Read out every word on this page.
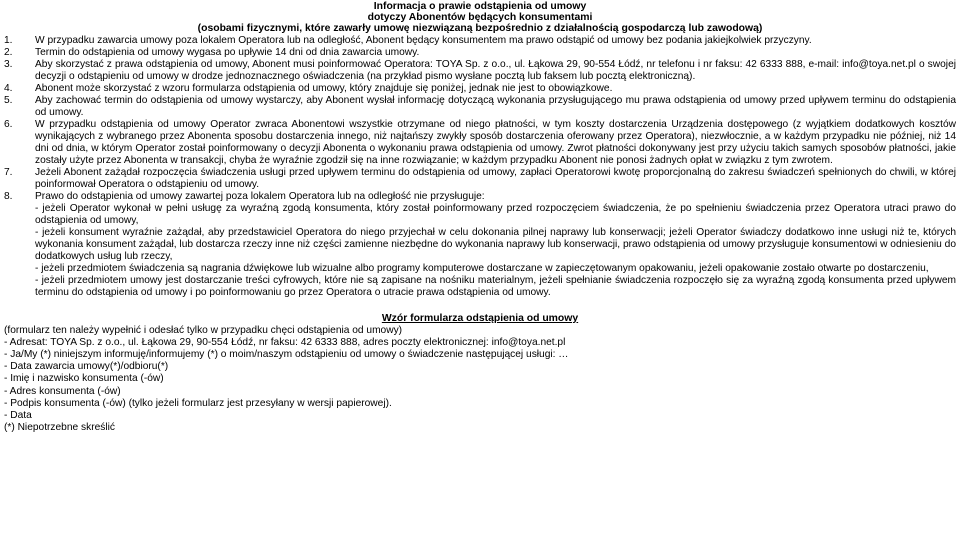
Informacja o prawie odstąpienia od umowy
dotyczy Abonentów będących konsumentami
(osobami fizycznymi, które zawarły umowę niezwiązaną bezpośrednio z działalnością gospodarczą lub zawodową)
1. W przypadku zawarcia umowy poza lokalem Operatora lub na odległość, Abonent będący konsumentem ma prawo odstąpić od umowy bez podania jakiejkolwiek przyczyny.

2. Termin do odstąpienia od umowy wygasa po upływie 14 dni od dnia zawarcia umowy.

3. Aby skorzystać z prawa odstąpienia od umowy, Abonent musi poinformować Operatora: TOYA Sp. z o.o., ul. Łąkowa 29, 90-554 Łódź, nr telefonu i nr faksu: 42 6333 888, e-mail: info@toya.net.pl o swojej decyzji o odstąpieniu od umowy w drodze jednoznacznego oświadczenia (na przykład pismo wysłane pocztą lub faksem lub pocztą elektroniczną).

4. Abonent może skorzystać z wzoru formularza odstąpienia od umowy, który znajduje się poniżej, jednak nie jest to obowiązkowe.

5. Aby zachować termin do odstąpienia od umowy wystarczy, aby Abonent wysłał informację dotyczącą wykonania przysługującego mu prawa odstąpienia od umowy przed upływem terminu do odstąpienia od umowy.

6. W przypadku odstąpienia od umowy Operator zwraca Abonentowi wszystkie otrzymane od niego płatności, w tym koszty dostarczenia Urządzenia dostępowego (z wyjątkiem dodatkowych kosztów wynikających z wybranego przez Abonenta sposobu dostarczenia innego, niż najtańszy zwykły sposób dostarczenia oferowany przez Operatora), niezwłocznie, a w każdym przypadku nie później, niż 14 dni od dnia, w którym Operator został poinformowany o decyzji Abonenta o wykonaniu prawa odstąpienia od umowy. Zwrot płatności dokonywany jest przy użyciu takich samych sposobów płatności, jakie zostały użyte przez Abonenta w transakcji, chyba że wyraźnie zgodził się na inne rozwiązanie; w każdym przypadku Abonent nie ponosi żadnych opłat w związku z tym zwrotem.

7. Jeżeli Abonent zażądał rozpoczęcia świadczenia usługi przed upływem terminu do odstąpienia od umowy, zapłaci Operatorowi kwotę proporcjonalną do zakresu świadczeń spełnionych do chwili, w której poinformował Operatora o odstąpieniu od umowy.

8. Prawo do odstąpienia od umowy zawartej poza lokalem Operatora lub na odległość nie przysługuje:

- jeżeli Operator wykonał w pełni usługę za wyraźną zgodą konsumenta, który został poinformowany przed rozpoczęciem świadczenia, że po spełnieniu świadczenia przez Operatora utraci prawo do odstąpienia od umowy,

- jeżeli konsument wyraźnie zażądał, aby przedstawiciel Operatora do niego przyjechał w celu dokonania pilnej naprawy lub konserwacji; jeżeli Operator świadczy dodatkowo inne usługi niż te, których wykonania konsument zażądał, lub dostarcza rzeczy inne niż części zamienne niezbędne do wykonania naprawy lub konserwacji, prawo odstąpienia od umowy przysługuje konsumentowi w odniesieniu do dodatkowych usług lub rzeczy,

- jeżeli przedmiotem świadczenia są nagrania dźwiękowe lub wizualne albo programy komputerowe dostarczane w zapieczętowanym opakowaniu, jeżeli opakowanie zostało otwarte po dostarczeniu,

- jeżeli przedmiotem umowy jest dostarczanie treści cyfrowych, które nie są zapisane na nośniku materialnym, jeżeli spełnianie świadczenia rozpoczęło się za wyraźną zgodą konsumenta przed upływem terminu do odstąpienia od umowy i po poinformowaniu go przez Operatora o utracie prawa odstąpienia od umowy.

Wzór formularza odstąpienia od umowy
(formularz ten należy wypełnić i odesłać tylko w przypadku chęci odstąpienia od umowy)
- Adresat: TOYA Sp. z o.o., ul. Łąkowa 29, 90-554 Łódź, nr faksu: 42 6333 888, adres poczty elektronicznej: info@toya.net.pl
- Ja/My (*) niniejszym informuję/informujemy (*) o moim/naszym odstąpieniu od umowy o świadczenie następującej usługi: …
- Data zawarcia umowy(*)/odbioru(*)
- Imię i nazwisko konsumenta (-ów)
- Adres konsumenta (-ów)
- Podpis konsumenta (-ów) (tylko jeżeli formularz jest przesyłany w wersji papierowej).
- Data
(*) Niepotrzebne skreślić
